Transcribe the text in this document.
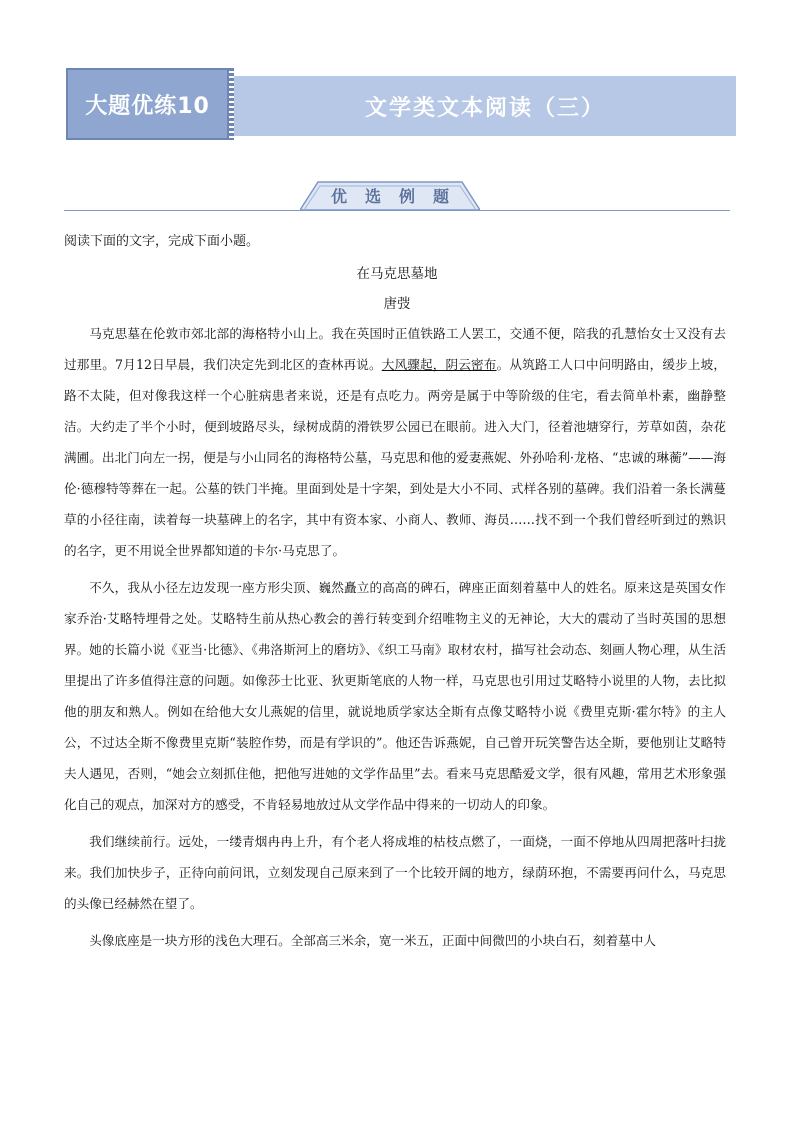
大题优练10	文学类文本阅读（三）
优 选 例 题
阅读下面的文字，完成下面小题。
在马克思墓地
唐弢

马克思墓在伦敦市郊北部的海格特小山上。我在英国时正值铁路工人罢工，交通不便，陪我的孔慧怡女士又没有去过那里。7月12日早晨，我们决定先到北区的查林再说。大风骤起，阴云密布。从筑路工人口中问明路由，缓步上坡，路不太陡，但对像我这样一个心脏病患者来说，还是有点吃力。两旁是属于中等阶级的住宅，看去简单朴素，幽静整洁。大约走了半个小时，便到坡路尽头，绿树成荫的滑铁罗公园已在眼前。进入大门，径着池塘穿行，芳草如茵，杂花满圃。出北门向左一拐，便是与小山同名的海格特公墓，马克思和他的爱妻燕妮、外孙哈利·龙格、“忠诚的琳蘅”——海伦·德穆特等葬在一起。公墓的铁门半掩。里面到处是十字架，到处是大小不同、式样各别的墓碑。我们沿着一条长满蔓草的小径往南，读着每一块墓碑上的名字，其中有资本家、小商人、教师、海员……找不到一个我们曾经听到过的熟识的名字，更不用说全世界都知道的卡尔·马克思了。

不久，我从小径左边发现一座方形尖顶、巍然矗立的高高的碑石，碑座正面刻着墓中人的姓名。原来这是英国女作家乔治·艾略特埋骨之处。艾略特生前从热心教会的善行转变到介绍唯物主义的无神论，大大的震动了当时英国的思想界。她的长篇小说《亚当·比德》、《弗洛斯河上的磨坊》、《织工马南》取材农村，描写社会动态、刻画人物心理，从生活里提出了许多值得注意的问题。如像莎士比亚、狄更斯笔底的人物一样，马克思也引用过艾略特小说里的人物，去比拟他的朋友和熟人。例如在给他大女儿燕妮的信里，就说地质学家达全斯有点像艾略特小说《费里克斯·霍尔特》的主人公，不过达全斯不像费里克斯“装腔作势，而是有学识的”。他还告诉燕妮，自己曾开玩笑警告达全斯，要他别让艾略特夫人遇见，否则，“她会立刻抓住他，把他写进她的文学作品里”去。看来马克思酷爱文学，很有风趣，常用艺术形象强化自己的观点，加深对方的感受，不肯轻易地放过从文学作品中得来的一切动人的印象。

我们继续前行。远处，一缕青烟冉冉上升，有个老人将成堆的枯枝点燃了，一面烧，一面不停地从四周把落叶扫拢来。我们加快步子，正待向前问讯，立刻发现自己原来到了一个比较开阔的地方，绿荫环抱，不需要再问什么，马克思的头像已经赫然在望了。

头像底座是一块方形的浅色大理石。全部高三米余，宽一米五，正面中间微凹的小块白石，刻着墓中人
